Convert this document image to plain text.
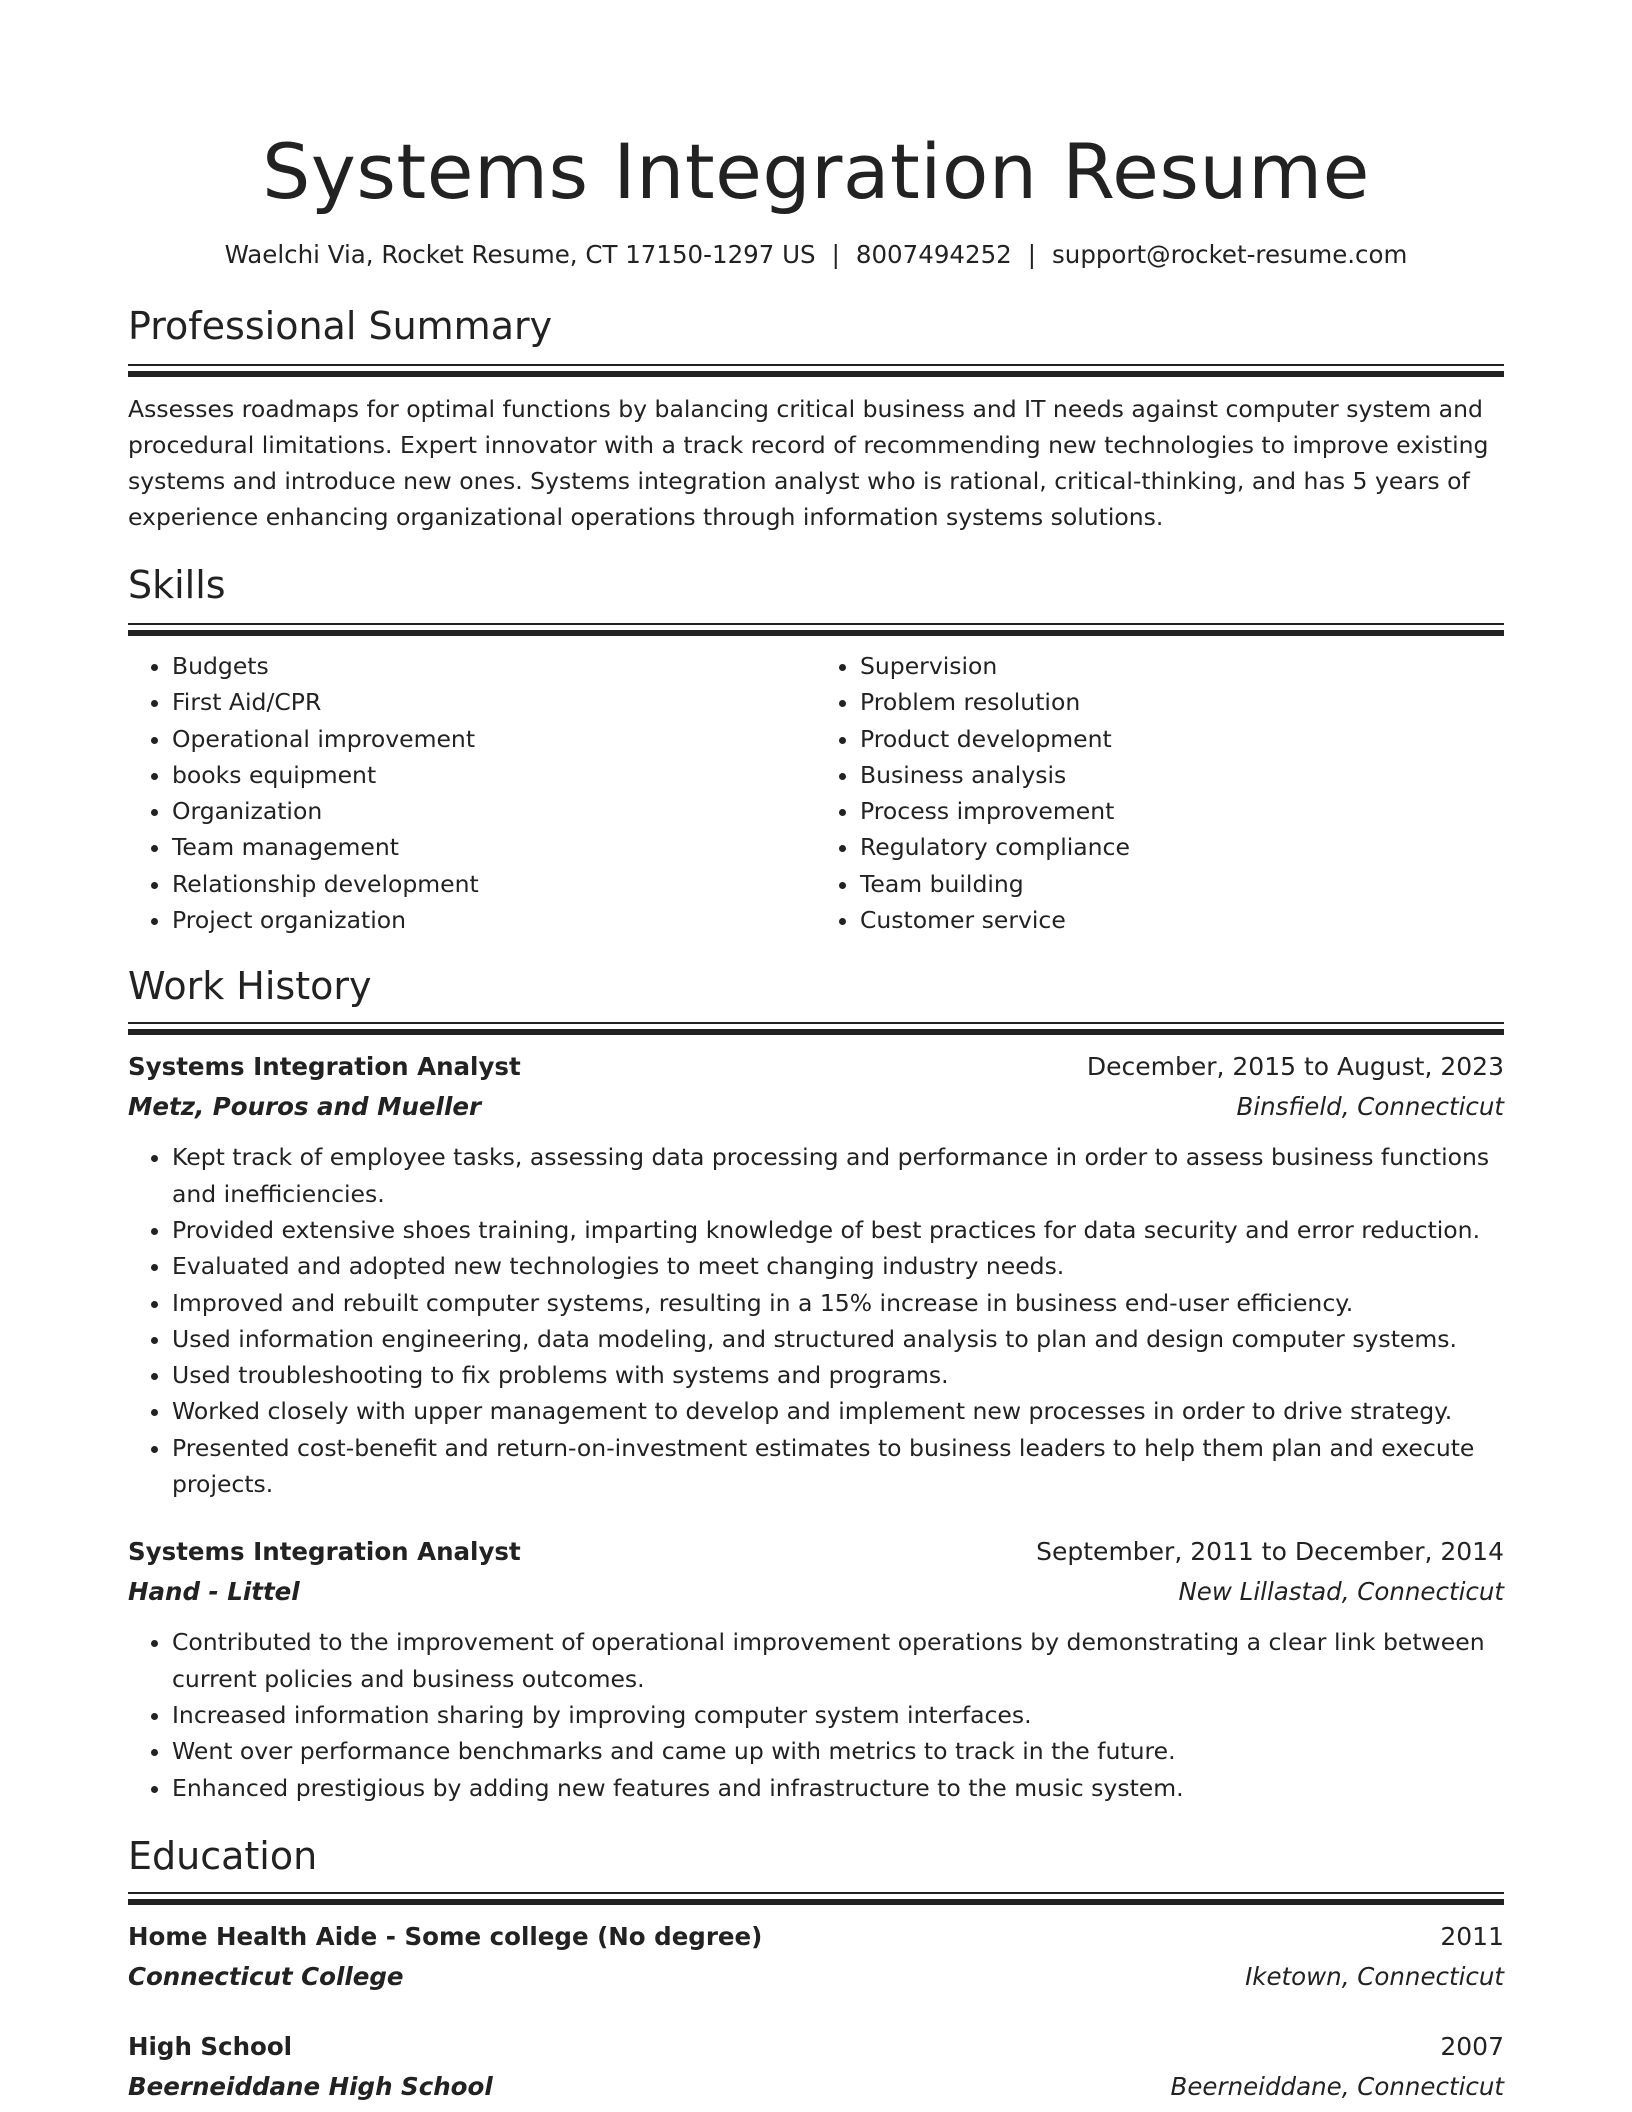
Systems Integration Resume
Waelchi Via, Rocket Resume, CT 17150-1297 US | 8007494252 | support@rocket-resume.com
Professional Summary

Assesses roadmaps for optimal functions by balancing critical business and IT needs against computer system and procedural limitations. Expert innovator with a track record of recommending new technologies to improve existing systems and introduce new ones. Systems integration analyst who is rational, critical-thinking, and has 5 years of experience enhancing organizational operations through information systems solutions.

Skills
• Budgets
• First Aid/CPR
• Operational improvement
• books equipment
• Organization
• Team management
• Relationship development
• Project organization
• Supervision
• Problem resolution
• Product development
• Business analysis
• Process improvement
• Regulatory compliance
• Team building
• Customer service
Work History
Systems Integration Analyst	December, 2015 to August, 2023
Metz, Pouros and Mueller	Binsfield, Connecticut
• Kept track of employee tasks, assessing data processing and performance in order to assess business functions and inefficiencies.
• Provided extensive shoes training, imparting knowledge of best practices for data security and error reduction.
• Evaluated and adopted new technologies to meet changing industry needs.
• Improved and rebuilt computer systems, resulting in a 15% increase in business end-user efficiency.
• Used information engineering, data modeling, and structured analysis to plan and design computer systems.
• Used troubleshooting to fix problems with systems and programs.
• Worked closely with upper management to develop and implement new processes in order to drive strategy.
• Presented cost-benefit and return-on-investment estimates to business leaders to help them plan and execute projects.
Systems Integration Analyst	September, 2011 to December, 2014
Hand - Littel	New Lillastad, Connecticut
• Contributed to the improvement of operational improvement operations by demonstrating a clear link between current policies and business outcomes.
• Increased information sharing by improving computer system interfaces.
• Went over performance benchmarks and came up with metrics to track in the future.
• Enhanced prestigious by adding new features and infrastructure to the music system.
Education
Home Health Aide - Some college (No degree)	2011
Connecticut College	Iketown, Connecticut
High School	2007
Beerneiddane High School	Beerneiddane, Connecticut
